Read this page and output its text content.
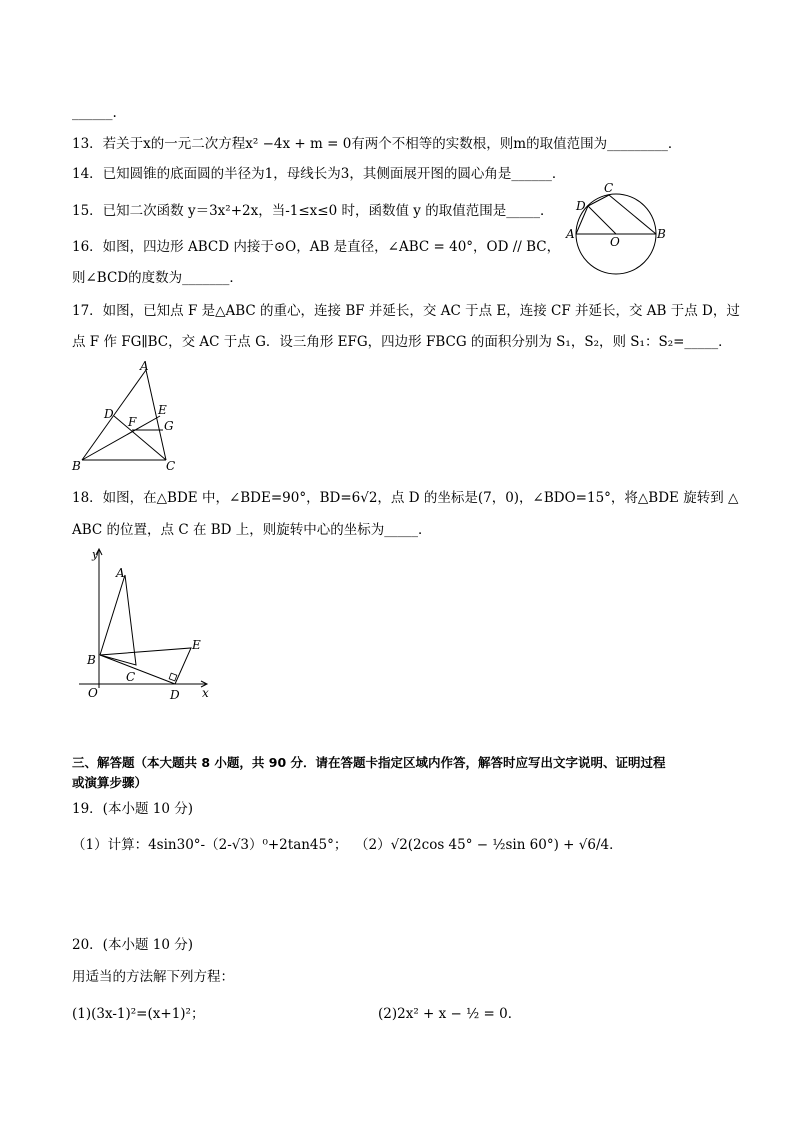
______.
13．若关于x的一元二次方程x² −4x + m = 0有两个不相等的实数根，则m的取值范围为_________．
14．已知圆锥的底面圆的半径为1，母线长为3，其侧面展开图的圆心角是______．
15．已知二次函数 y＝3x²+2x，当-1≤x≤0 时，函数值 y 的取值范围是_____．
16．如图，四边形 ABCD 内接于⊙O，AB 是直径，∠ABC = 40°，OD // BC，
则∠BCD的度数为_______．
17．如图，已知点 F 是△ABC 的重心，连接 BF 并延长，交 AC 于点 E，连接 CF 并延长，交 AB 于点 D，过
点 F 作 FG∥BC，交 AC 于点 G．设三角形 EFG，四边形 FBCG 的面积分别为 S₁，S₂，则 S₁：S₂=_____．
18．如图，在△BDE 中，∠BDE=90°，BD=6√2，点 D 的坐标是(7，0)，∠BDO=15°，将△BDE 旋转到 △
ABC 的位置，点 C 在 BD 上，则旋转中心的坐标为_____．
三、解答题（本大题共 8 小题，共 90 分．请在答题卡指定区域内作答，解答时应写出文字说明、证明过程
或演算步骤）
19．(本小题 10 分)
（1）计算：4sin30°-（2-√3）⁰+2tan45°； （2）√2(2cos 45° − ½sin 60°) + √6/4．
20．(本小题 10 分)
用适当的方法解下列方程：
(1)(3x-1)²=(x+1)²；	(2)2x² + x − ½ = 0．
C
D
A
O
B
A
D	E
F G
B	C
y
A
E
B
C
O	D x
